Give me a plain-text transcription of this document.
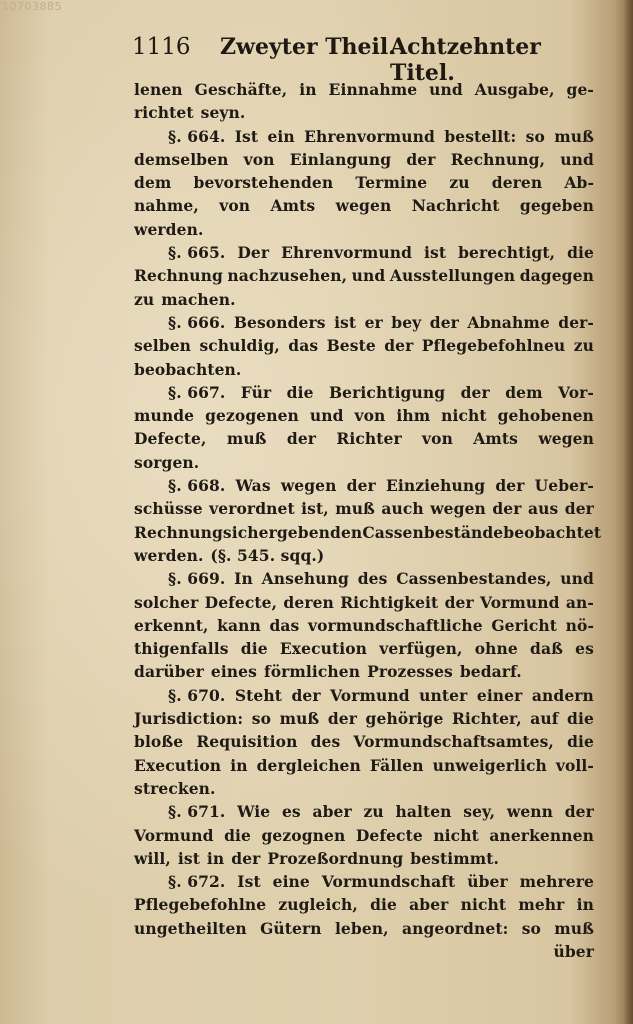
10703885
1116 Zweyter Theil.
Achtzehnter Titel.
lenen Geschäfte, in Einnahme und Ausgabe, ge-
richtet seyn.
§. 664. Ist ein Ehrenvormund bestellt: so muß
demselben von Einlangung der Rechnung, und
dem bevorstehenden Termine zu deren Ab-
nahme, von Amts wegen Nachricht gegeben
werden.
§. 665. Der Ehrenvormund ist berechtigt, die
Rechnung nachzusehen, und Ausstellungen dagegen
zu machen.
§. 666. Besonders ist er bey der Abnahme der-
selben schuldig, das Beste der Pflegebefohlneu zu
beobachten.
§. 667. Für die Berichtigung der dem Vor-
munde gezogenen und von ihm nicht gehobenen
Defecte, muß der Richter von Amts wegen
sorgen.
§. 668. Was wegen der Einziehung der Ueber-
schüsse verordnet ist, muß auch wegen der aus der
Rechnung sich ergebenden Cassenbestände beobachtet
werden. (§. 545. sqq.)
§. 669. In Ansehung des Cassenbestandes, und
solcher Defecte, deren Richtigkeit der Vormund an-
erkennt, kann das vormundschaftliche Gericht nö-
thigenfalls die Execution verfügen, ohne daß es
darüber eines förmlichen Prozesses bedarf.
§. 670. Steht der Vormund unter einer andern
Jurisdiction: so muß der gehörige Richter, auf die
bloße Requisition des Vormundschaftsamtes, die
Execution in dergleichen Fällen unweigerlich voll-
strecken.
§. 671. Wie es aber zu halten sey, wenn der
Vormund die gezognen Defecte nicht anerkennen
will, ist in der Prozeßordnung bestimmt.
§. 672. Ist eine Vormundschaft über mehrere
Pflegebefohlne zugleich, die aber nicht mehr in
ungetheilten Gütern leben, angeordnet: so muß
über
